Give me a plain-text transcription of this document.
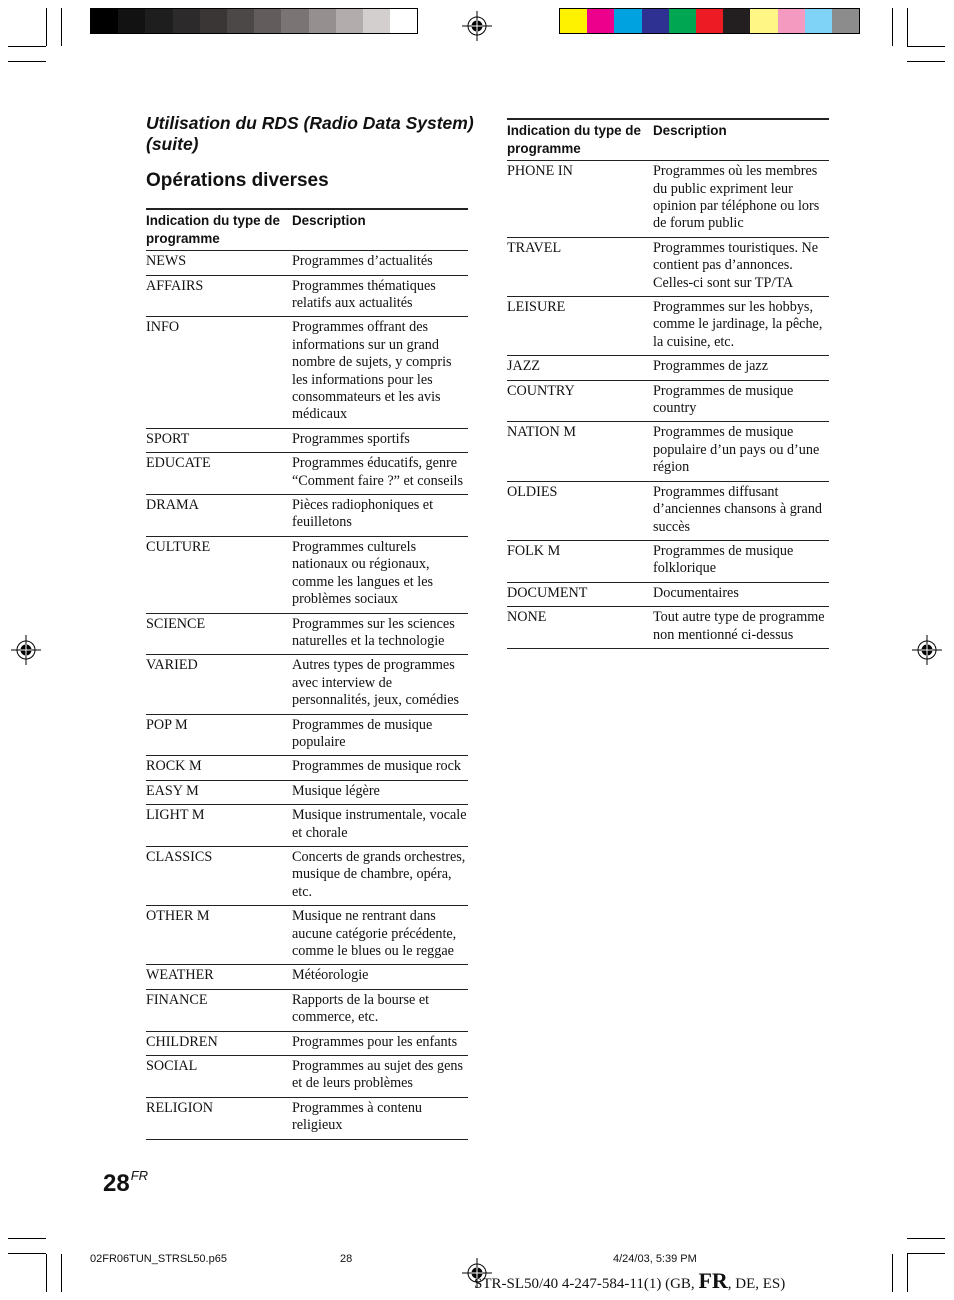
Utilisation du RDS (Radio Data System) (suite)
Opérations diverses
Indication du type de programme	Description
NEWS	Programmes d’actualités
AFFAIRS	Programmes thématiques relatifs aux actualités
INFO	Programmes offrant des informations sur un grand nombre de sujets, y compris les informations pour les consommateurs et les avis médicaux
SPORT	Programmes sportifs
EDUCATE	Programmes éducatifs, genre “Comment faire ?” et conseils
DRAMA	Pièces radiophoniques et feuilletons
CULTURE	Programmes culturels nationaux ou régionaux, comme les langues et les problèmes sociaux
SCIENCE	Programmes sur les sciences naturelles et la technologie
VARIED	Autres types de programmes avec interview de personnalités, jeux, comédies
POP M	Programmes de musique populaire
ROCK M	Programmes de musique rock
EASY M	Musique légère
LIGHT M	Musique instrumentale, vocale et chorale
CLASSICS	Concerts de grands orchestres, musique de chambre, opéra, etc.
OTHER M	Musique ne rentrant dans aucune catégorie précédente, comme le blues ou le reggae
WEATHER	Météorologie
FINANCE	Rapports de la bourse et commerce, etc.
CHILDREN	Programmes pour les enfants
SOCIAL	Programmes au sujet des gens et de leurs problèmes
RELIGION	Programmes à contenu religieux
Indication du type de programme	Description
PHONE IN	Programmes où les membres du public expriment leur opinion par téléphone ou lors de forum public
TRAVEL	Programmes touristiques. Ne contient pas d’annonces. Celles-ci sont sur TP/TA
LEISURE	Programmes sur les hobbys, comme le jardinage, la pêche, la cuisine, etc.
JAZZ	Programmes de jazz
COUNTRY	Programmes de musique country
NATION M	Programmes de musique populaire d’un pays ou d’une région
OLDIES	Programmes diffusant d’anciennes chansons à grand succès
FOLK M	Programmes de musique folklorique
DOCUMENT	Documentaires
NONE	Tout autre type de programme non mentionné ci-dessus
$28^{FR}$
02FR06TUN_STRSL50.p65	28	4/24/03, 5:39 PM
STR-SL50/40 4-247-584-11(1) (GB, FR, DE, ES)
